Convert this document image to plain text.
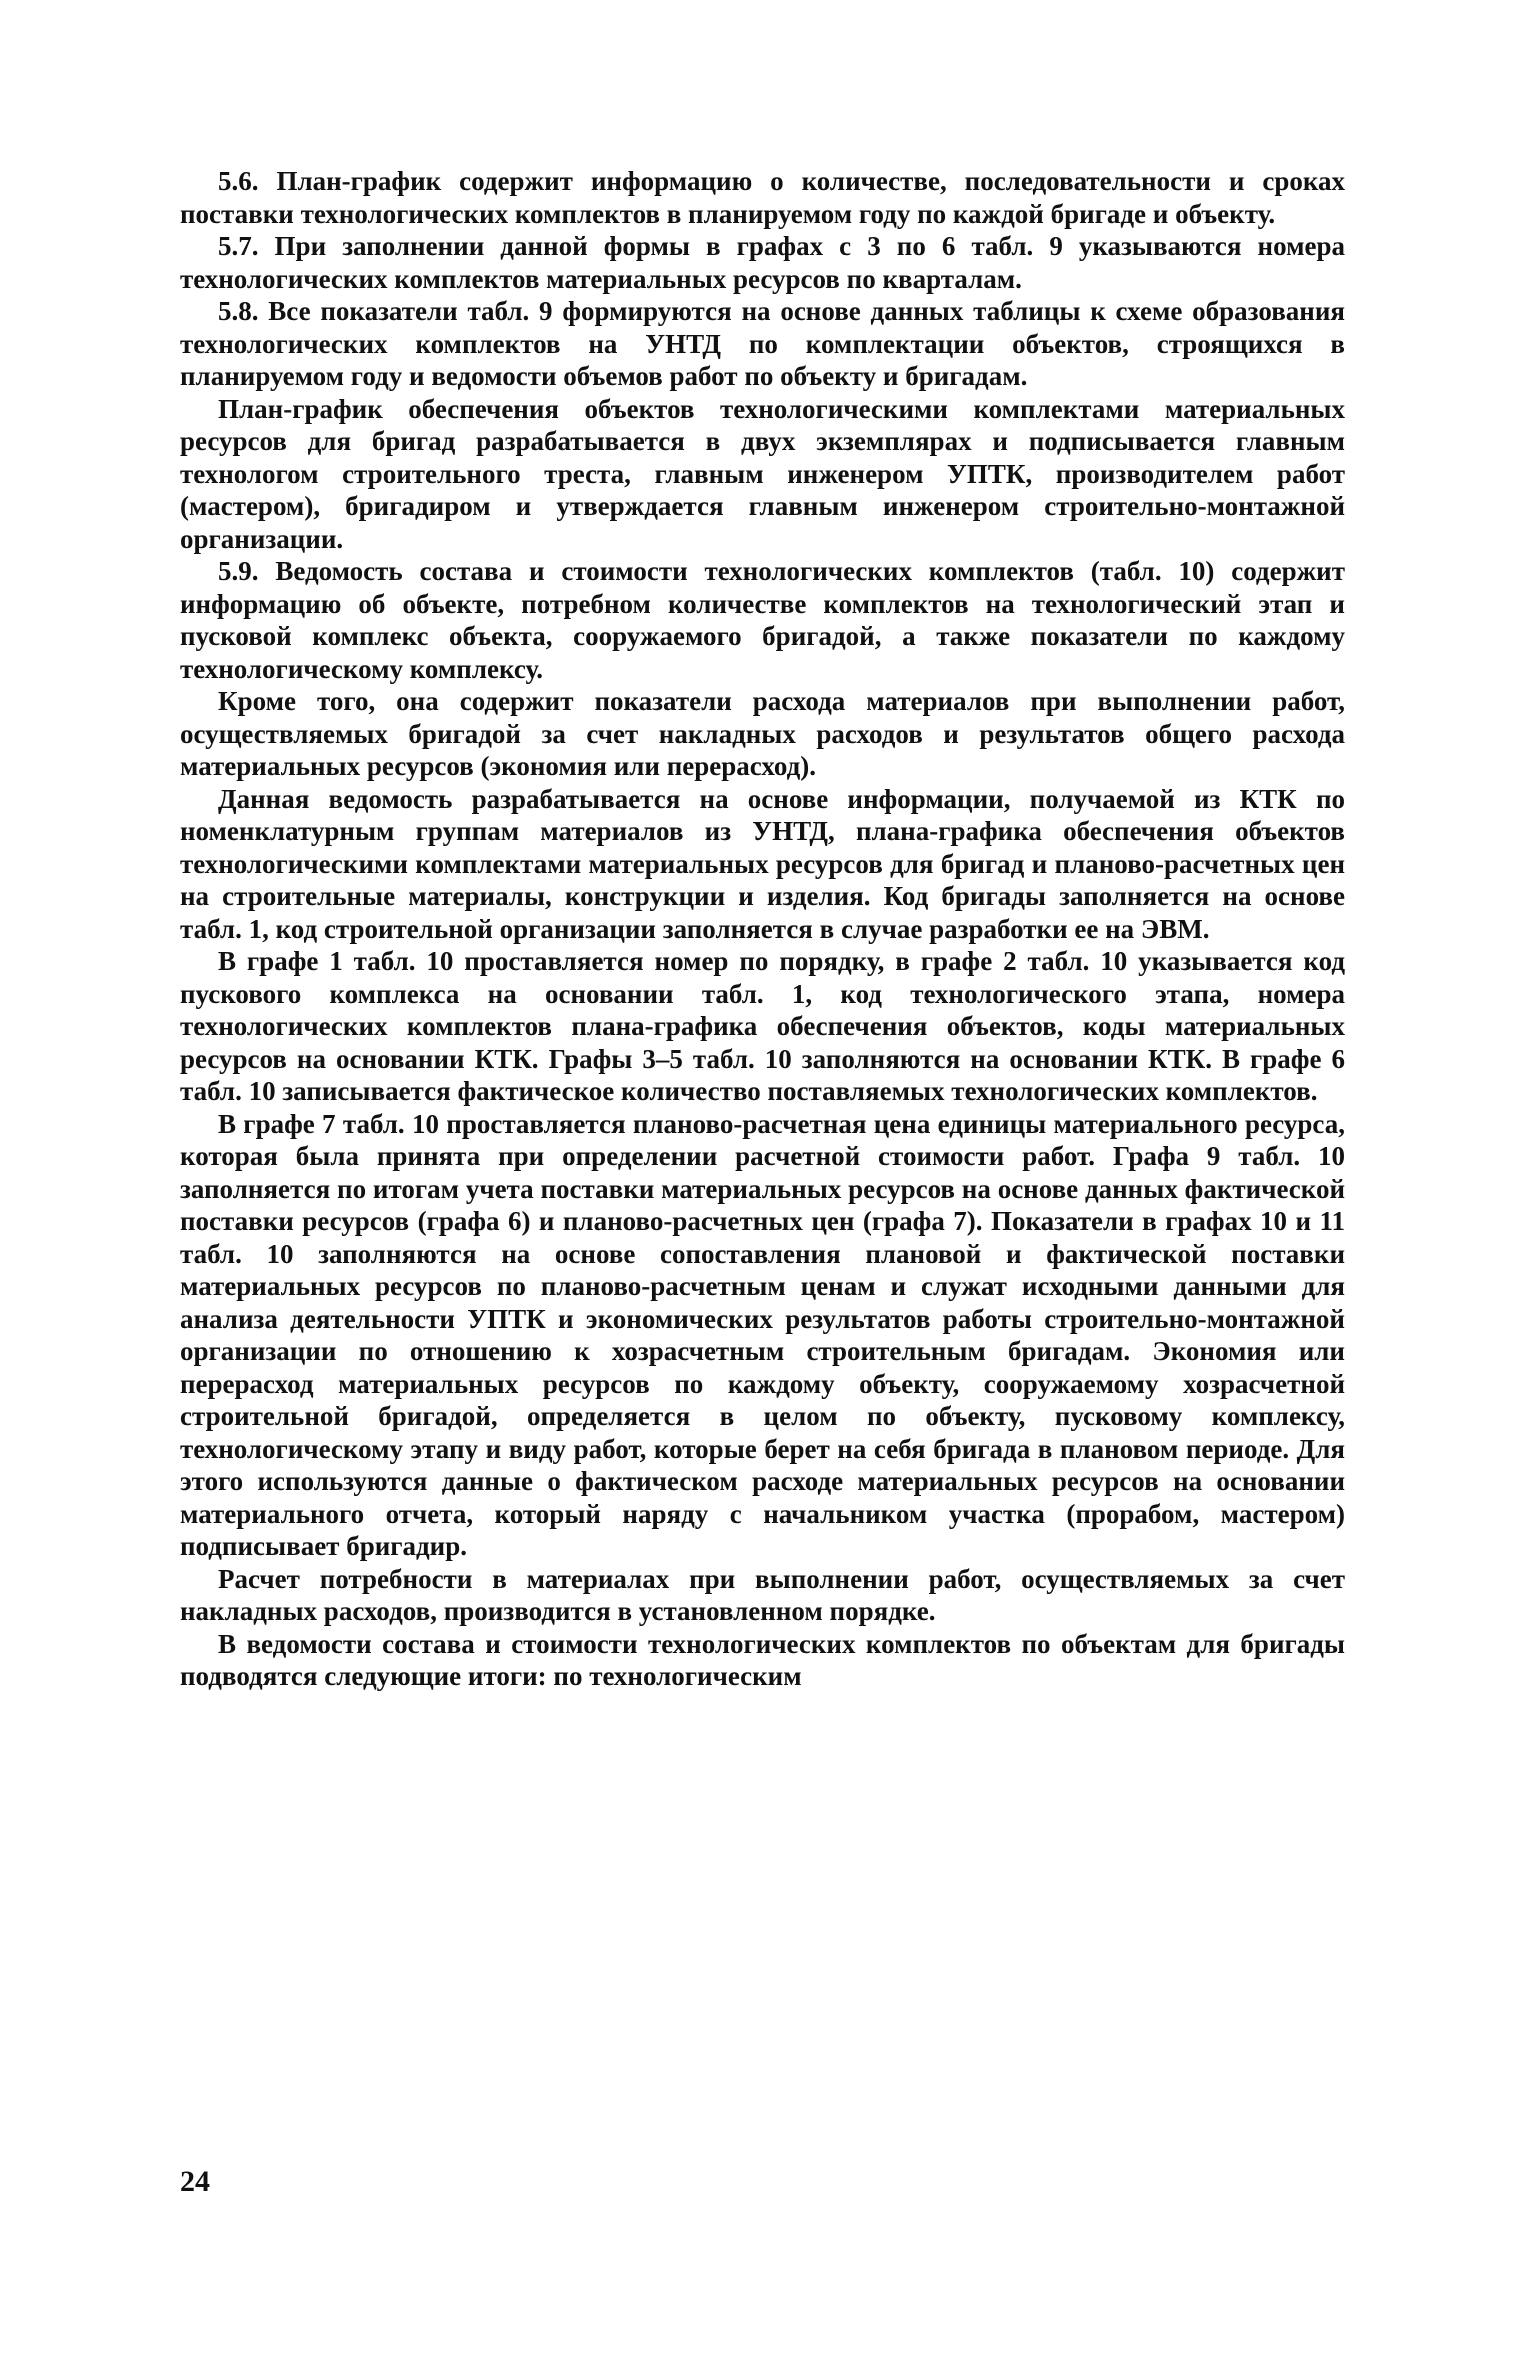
5.6. План-график содержит информацию о количестве, последовательности и сроках поставки технологических комплектов в планируемом году по каждой бригаде и объекту.

5.7. При заполнении данной формы в графах с 3 по 6 табл. 9 указываются номера технологических комплектов материальных ресурсов по кварталам.

5.8. Все показатели табл. 9 формируются на основе данных таблицы к схеме образования технологических комплектов на УНТД по комплектации объектов, строящихся в планируемом году и ведомости объемов работ по объекту и бригадам.

План-график обеспечения объектов технологическими комплектами материальных ресурсов для бригад разрабатывается в двух экземплярах и подписывается главным технологом строительного треста, главным инженером УПТК, производителем работ (мастером), бригадиром и утверждается главным инженером строительно-монтажной организации.

5.9. Ведомость состава и стоимости технологических комплектов (табл. 10) содержит информацию об объекте, потребном количестве комплектов на технологический этап и пусковой комплекс объекта, сооружаемого бригадой, а также показатели по каждому технологическому комплексу.

Кроме того, она содержит показатели расхода материалов при выполнении работ, осуществляемых бригадой за счет накладных расходов и результатов общего расхода материальных ресурсов (экономия или перерасход).

Данная ведомость разрабатывается на основе информации, получаемой из КТК по номенклатурным группам материалов из УНТД, плана-графика обеспечения объектов технологическими комплектами материальных ресурсов для бригад и планово-расчетных цен на строительные материалы, конструкции и изделия. Код бригады заполняется на основе табл. 1, код строительной организации заполняется в случае разработки ее на ЭВМ.

В графе 1 табл. 10 проставляется номер по порядку, в графе 2 табл. 10 указывается код пускового комплекса на основании табл. 1, код технологического этапа, номера технологических комплектов плана-графика обеспечения объектов, коды материальных ресурсов на основании КТК. Графы 3–5 табл. 10 заполняются на основании КТК. В графе 6 табл. 10 записывается фактическое количество поставляемых технологических комплектов.

В графе 7 табл. 10 проставляется планово-расчетная цена единицы материального ресурса, которая была принята при определении расчетной стоимости работ. Графа 9 табл. 10 заполняется по итогам учета поставки материальных ресурсов на основе данных фактической поставки ресурсов (графа 6) и планово-расчетных цен (графа 7). Показатели в графах 10 и 11 табл. 10 заполняются на основе сопоставления плановой и фактической поставки материальных ресурсов по планово-расчетным ценам и служат исходными данными для анализа деятельности УПТК и экономических результатов работы строительно-монтажной организации по отношению к хозрасчетным строительным бригадам. Экономия или перерасход материальных ресурсов по каждому объекту, сооружаемому хозрасчетной строительной бригадой, определяется в целом по объекту, пусковому комплексу, технологическому этапу и виду работ, которые берет на себя бригада в плановом периоде. Для этого используются данные о фактическом расходе материальных ресурсов на основании материального отчета, который наряду с начальником участка (прорабом, мастером) подписывает бригадир.

Расчет потребности в материалах при выполнении работ, осуществляемых за счет накладных расходов, производится в установленном порядке.

В ведомости состава и стоимости технологических комплектов по объектам для бригады подводятся следующие итоги: по технологическим

24
